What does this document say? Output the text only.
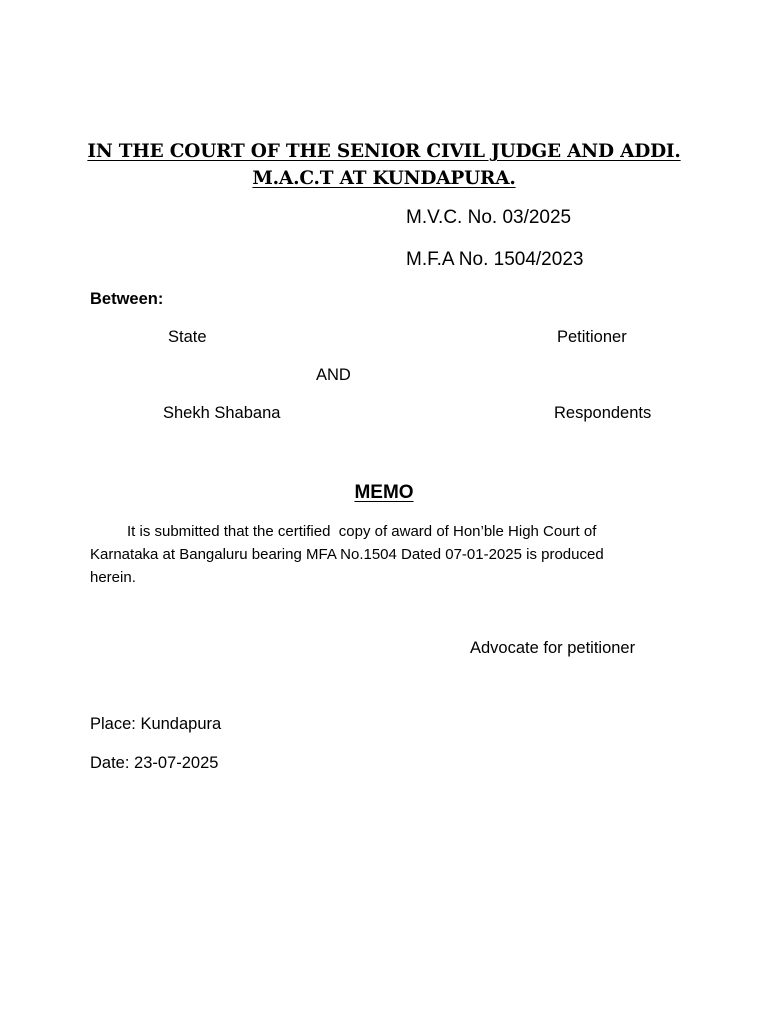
IN THE COURT OF THE SENIOR CIVIL JUDGE AND ADDI.
M.A.C.T AT KUNDAPURA.
M.V.C. No. 03/2025
M.F.A No. 1504/2023
Between:
State	Petitioner
AND
Shekh Shabana	Respondents
MEMO
It is submitted that the certified  copy of award of Hon’ble High Court of Karnataka at Bangaluru bearing MFA No.1504 Dated 07-01-2025 is produced herein.
Advocate for petitioner
Place: Kundapura
Date: 23-07-2025
